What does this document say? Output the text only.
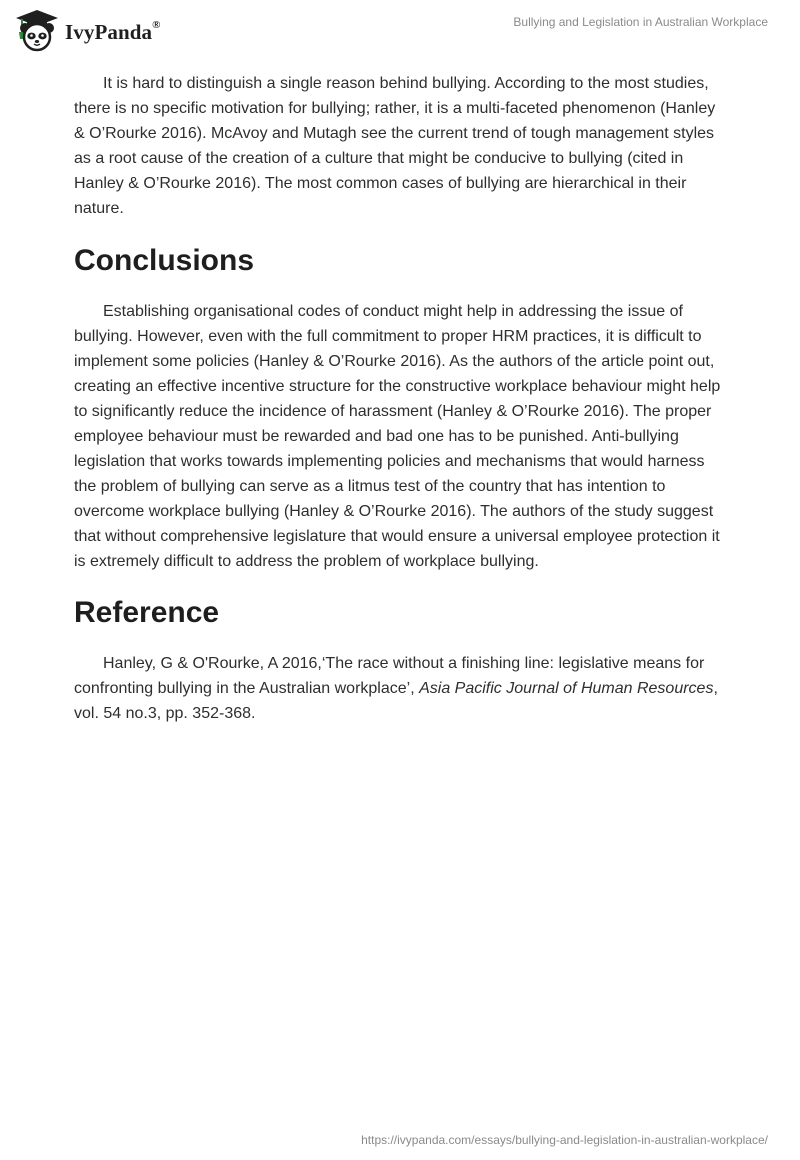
IvyPanda®	Bullying and Legislation in Australian Workplace

It is hard to distinguish a single reason behind bullying. According to the most studies, there is no specific motivation for bullying; rather, it is a multi-faceted phenomenon (Hanley & O’Rourke 2016). McAvoy and Mutagh see the current trend of tough management styles as a root cause of the creation of a culture that might be conducive to bullying (cited in Hanley & O’Rourke 2016). The most common cases of bullying are hierarchical in their nature.

Conclusions

Establishing organisational codes of conduct might help in addressing the issue of bullying. However, even with the full commitment to proper HRM practices, it is difficult to implement some policies (Hanley & O’Rourke 2016). As the authors of the article point out, creating an effective incentive structure for the constructive workplace behaviour might help to significantly reduce the incidence of harassment (Hanley & O’Rourke 2016). The proper employee behaviour must be rewarded and bad one has to be punished. Anti-bullying legislation that works towards implementing policies and mechanisms that would harness the problem of bullying can serve as a litmus test of the country that has intention to overcome workplace bullying (Hanley & O’Rourke 2016). The authors of the study suggest that without comprehensive legislature that would ensure a universal employee protection it is extremely difficult to address the problem of workplace bullying.

Reference

Hanley, G & O'Rourke, A 2016,‘The race without a finishing line: legislative means for confronting bullying in the Australian workplace’, Asia Pacific Journal of Human Resources, vol. 54 no.3, pp. 352-368.

https://ivypanda.com/essays/bullying-and-legislation-in-australian-workplace/
